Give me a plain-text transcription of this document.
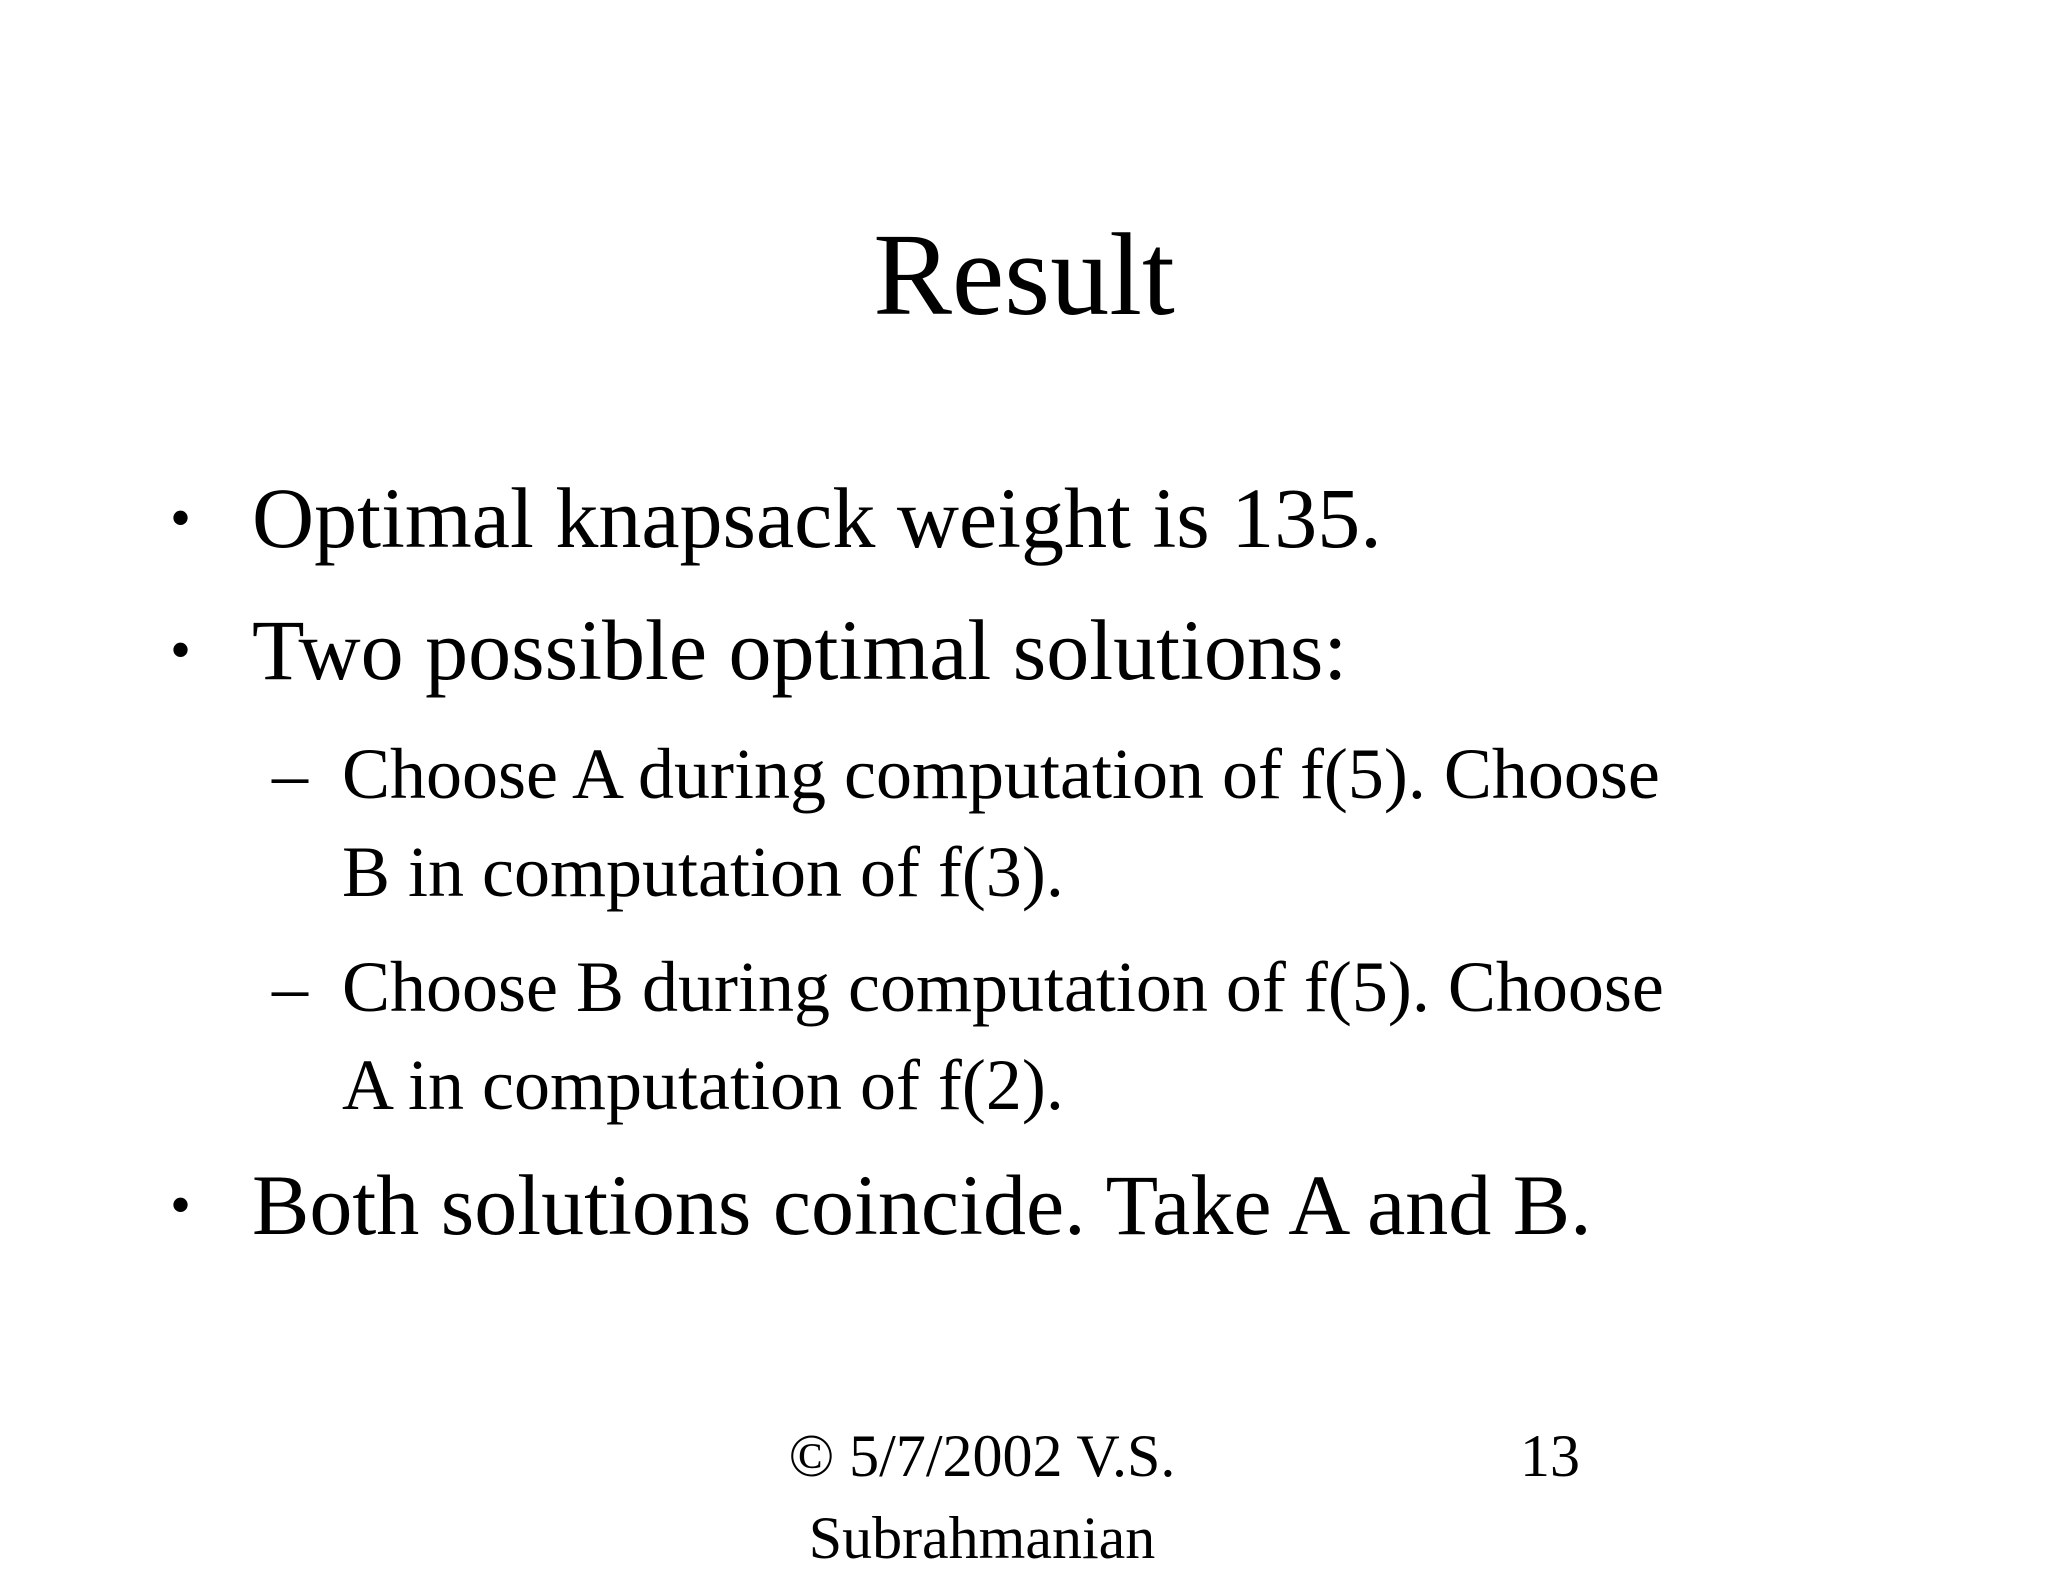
Result
• Optimal knapsack weight is 135.
• Two possible optimal solutions:
– Choose A during computation of f(5). Choose
B in computation of f(3).
– Choose B during computation of f(5). Choose
A in computation of f(2).
• Both solutions coincide. Take A and B.
© 5/7/2002 V.S. Subrahmanian
13
